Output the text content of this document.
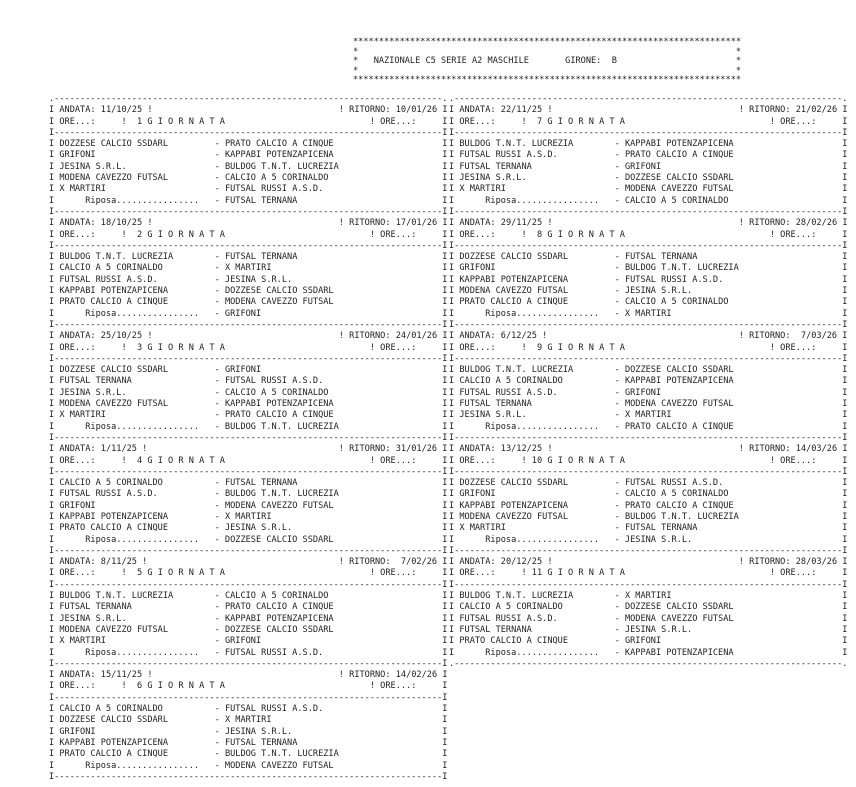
***************************************************************************
*                                                                         *
*   NAZIONALE C5 SERIE A2 MASCHILE	GIRONE: B	*
*                                                                         *
***************************************************************************
.---------------------------------------------------------------------------.
I ANDATA: 11/10/25 !                                    ! RITORNO: 10/01/26 I
I ORE...:     !  1 G I O R N A T A                            ! ORE...:	I
I---------------------------------------------------------------------------I
I DOZZESE CALCIO SSDARL         - PRATO CALCIO A CINQUE	I
I GRIFONI                       - KAPPABI POTENZAPICENA	I
I JESINA S.R.L.                 - BULDOG T.N.T. LUCREZIA	I
I MODENA CAVEZZO FUTSAL         - CALCIO A 5 CORINALDO	I
I X MARTIRI                     - FUTSAL RUSSI A.S.D.	I
I      Riposa................   - FUTSAL TERNANA	I
I---------------------------------------------------------------------------I
I ANDATA: 18/10/25 !                                    ! RITORNO: 17/01/26 I
I ORE...:     !  2 G I O R N A T A                            ! ORE...:	I
I---------------------------------------------------------------------------I
I BULDOG T.N.T. LUCREZIA        - FUTSAL TERNANA	I
I CALCIO A 5 CORINALDO          - X MARTIRI	I
I FUTSAL RUSSI A.S.D.           - JESINA S.R.L.	I
I KAPPABI POTENZAPICENA         - DOZZESE CALCIO SSDARL	I
I PRATO CALCIO A CINQUE         - MODENA CAVEZZO FUTSAL	I
I      Riposa................   - GRIFONI	I
I---------------------------------------------------------------------------I
I ANDATA: 25/10/25 !                                    ! RITORNO: 24/01/26 I
I ORE...:     !  3 G I O R N A T A                            ! ORE...:	I
I---------------------------------------------------------------------------I
I DOZZESE CALCIO SSDARL         - GRIFONI	I
I FUTSAL TERNANA                - FUTSAL RUSSI A.S.D.	I
I JESINA S.R.L.                 - CALCIO A 5 CORINALDO	I
I MODENA CAVEZZO FUTSAL         - KAPPABI POTENZAPICENA	I
I X MARTIRI                     - PRATO CALCIO A CINQUE	I
I      Riposa................   - BULDOG T.N.T. LUCREZIA	I
I---------------------------------------------------------------------------I
I ANDATA: 1/11/25 !                                     ! RITORNO: 31/01/26 I
I ORE...:     !  4 G I O R N A T A                            ! ORE...:	I
I---------------------------------------------------------------------------I
I CALCIO A 5 CORINALDO          - FUTSAL TERNANA	I
I FUTSAL RUSSI A.S.D.           - BULDOG T.N.T. LUCREZIA	I
I GRIFONI                       - MODENA CAVEZZO FUTSAL	I
I KAPPABI POTENZAPICENA         - X MARTIRI	I
I PRATO CALCIO A CINQUE         - JESINA S.R.L.	I
I      Riposa................   - DOZZESE CALCIO SSDARL	I
I---------------------------------------------------------------------------I
I ANDATA: 8/11/25 !                                     ! RITORNO: 7/02/26 I
I ORE...:     !  5 G I O R N A T A                            ! ORE...:	I
I---------------------------------------------------------------------------I
I BULDOG T.N.T. LUCREZIA        - CALCIO A 5 CORINALDO	I
I FUTSAL TERNANA                - PRATO CALCIO A CINQUE	I
I JESINA S.R.L.                 - KAPPABI POTENZAPICENA	I
I MODENA CAVEZZO FUTSAL         - DOZZESE CALCIO SSDARL	I
I X MARTIRI                     - GRIFONI	I
I      Riposa................   - FUTSAL RUSSI A.S.D.	I
I---------------------------------------------------------------------------I
I ANDATA: 15/11/25 !                                    ! RITORNO: 14/02/26 I
I ORE...:     !  6 G I O R N A T A                            ! ORE...:	I
I---------------------------------------------------------------------------I
I CALCIO A 5 CORINALDO          - FUTSAL RUSSI A.S.D.	I
I DOZZESE CALCIO SSDARL         - X MARTIRI	I
I GRIFONI                       - JESINA S.R.L.	I
I KAPPABI POTENZAPICENA         - FUTSAL TERNANA	I
I PRATO CALCIO A CINQUE         - BULDOG T.N.T. LUCREZIA	I
I      Riposa................   - MODENA CAVEZZO FUTSAL	I
I---------------------------------------------------------------------------I
.---------------------------------------------------------------------------.
I ANDATA: 22/11/25 !                                    ! RITORNO: 21/02/26 I
I ORE...:     !  7 G I O R N A T A                            ! ORE...:	I
I---------------------------------------------------------------------------I
I BULDOG T.N.T. LUCREZIA        - KAPPABI POTENZAPICENA	I
I FUTSAL RUSSI A.S.D.           - PRATO CALCIO A CINQUE	I
I FUTSAL TERNANA                - GRIFONI	I
I JESINA S.R.L.                 - DOZZESE CALCIO SSDARL	I
I X MARTIRI                     - MODENA CAVEZZO FUTSAL	I
I      Riposa................   - CALCIO A 5 CORINALDO	I
I---------------------------------------------------------------------------I
I ANDATA: 29/11/25 !                                    ! RITORNO: 28/02/26 I
I ORE...:     !  8 G I O R N A T A                            ! ORE...:	I
I---------------------------------------------------------------------------I
I DOZZESE CALCIO SSDARL         - FUTSAL TERNANA	I
I GRIFONI                       - BULDOG T.N.T. LUCREZIA	I
I KAPPABI POTENZAPICENA         - FUTSAL RUSSI A.S.D.	I
I MODENA CAVEZZO FUTSAL         - JESINA S.R.L.	I
I PRATO CALCIO A CINQUE         - CALCIO A 5 CORINALDO	I
I      Riposa................   - X MARTIRI	I
I---------------------------------------------------------------------------I
I ANDATA: 6/12/25 !                                     ! RITORNO: 7/03/26 I
I ORE...:     !  9 G I O R N A T A                            ! ORE...:	I
I---------------------------------------------------------------------------I
I BULDOG T.N.T. LUCREZIA        - DOZZESE CALCIO SSDARL	I
I CALCIO A 5 CORINALDO          - KAPPABI POTENZAPICENA	I
I FUTSAL RUSSI A.S.D.           - GRIFONI	I
I FUTSAL TERNANA                - MODENA CAVEZZO FUTSAL	I
I JESINA S.R.L.                 - X MARTIRI	I
I      Riposa................   - PRATO CALCIO A CINQUE	I
I---------------------------------------------------------------------------I
I ANDATA: 13/12/25 !                                    ! RITORNO: 14/03/26 I
I ORE...:     ! 10 G I O R N A T A                            ! ORE...:	I
I---------------------------------------------------------------------------I
I DOZZESE CALCIO SSDARL         - FUTSAL RUSSI A.S.D.	I
I GRIFONI                       - CALCIO A 5 CORINALDO	I
I KAPPABI POTENZAPICENA         - PRATO CALCIO A CINQUE	I
I MODENA CAVEZZO FUTSAL         - BULDOG T.N.T. LUCREZIA	I
I X MARTIRI                     - FUTSAL TERNANA	I
I      Riposa................   - JESINA S.R.L.	I
I---------------------------------------------------------------------------I
I ANDATA: 20/12/25 !                                    ! RITORNO: 28/03/26 I
I ORE...:     ! 11 G I O R N A T A                            ! ORE...:	I
I---------------------------------------------------------------------------I
I BULDOG T.N.T. LUCREZIA        - X MARTIRI	I
I CALCIO A 5 CORINALDO          - DOZZESE CALCIO SSDARL	I
I FUTSAL RUSSI A.S.D.           - MODENA CAVEZZO FUTSAL	I
I FUTSAL TERNANA                - JESINA S.R.L.	I
I PRATO CALCIO A CINQUE         - GRIFONI	I
I      Riposa................   - KAPPABI POTENZAPICENA	I
.---------------------------------------------------------------------------.
